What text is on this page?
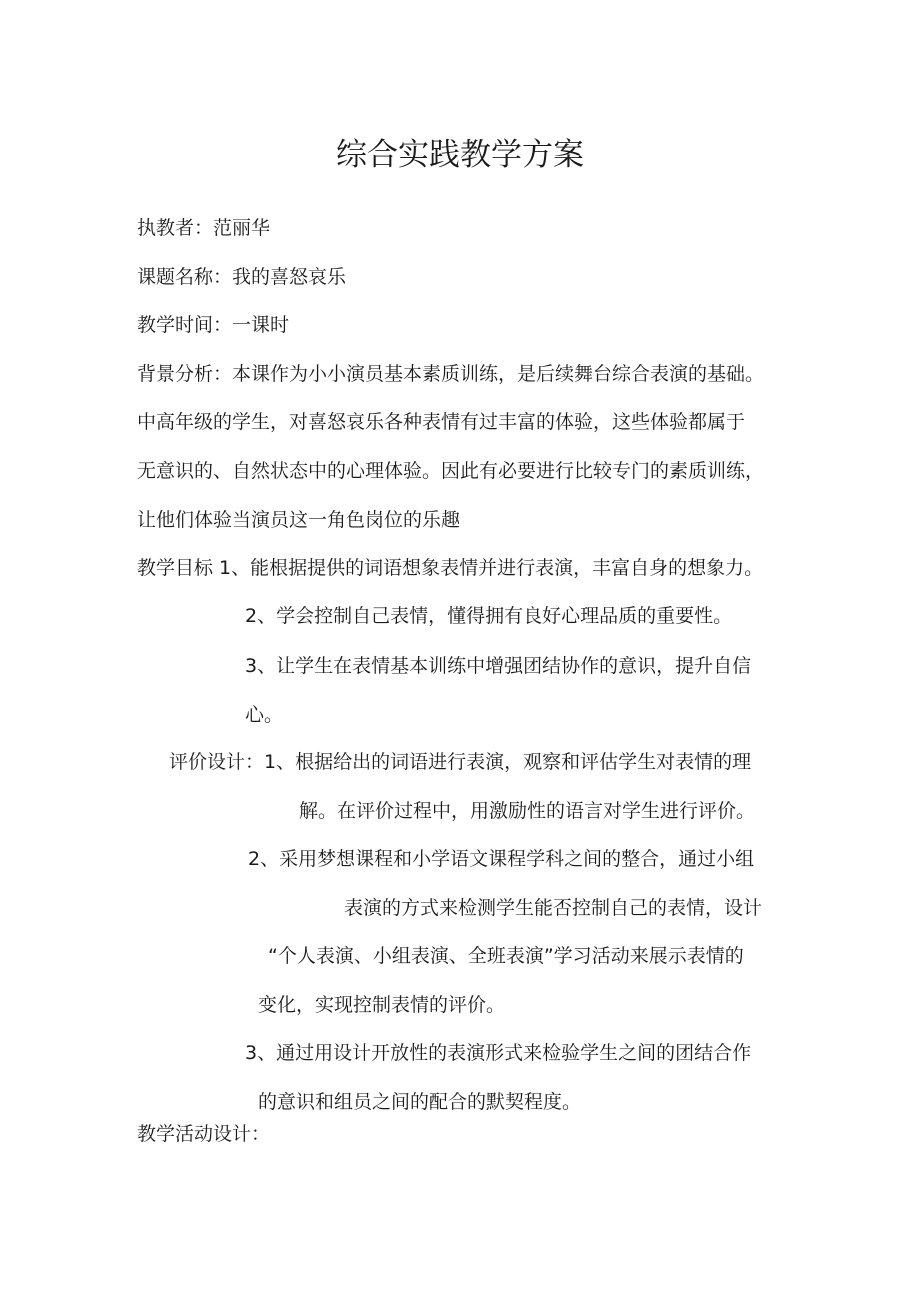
综合实践教学方案
执教者：范丽华
课题名称：我的喜怒哀乐
教学时间：一课时
背景分析：本课作为小小演员基本素质训练，是后续舞台综合表演的基础。
中高年级的学生，对喜怒哀乐各种表情有过丰富的体验，这些体验都属于
无意识的、自然状态中的心理体验。因此有必要进行比较专门的素质训练，
让他们体验当演员这一角色岗位的乐趣
教学目标 1、能根据提供的词语想象表情并进行表演，丰富自身的想象力。
2、学会控制自己表情，懂得拥有良好心理品质的重要性。
3、让学生在表情基本训练中增强团结协作的意识，提升自信
心。
评价设计：1、根据给出的词语进行表演，观察和评估学生对表情的理
解。在评价过程中，用激励性的语言对学生进行评价。
2、采用梦想课程和小学语文课程学科之间的整合，通过小组
表演的方式来检测学生能否控制自己的表情，设计
“个人表演、小组表演、全班表演”学习活动来展示表情的
变化，实现控制表情的评价。
3、通过用设计开放性的表演形式来检验学生之间的团结合作
的意识和组员之间的配合的默契程度。
教学活动设计：
